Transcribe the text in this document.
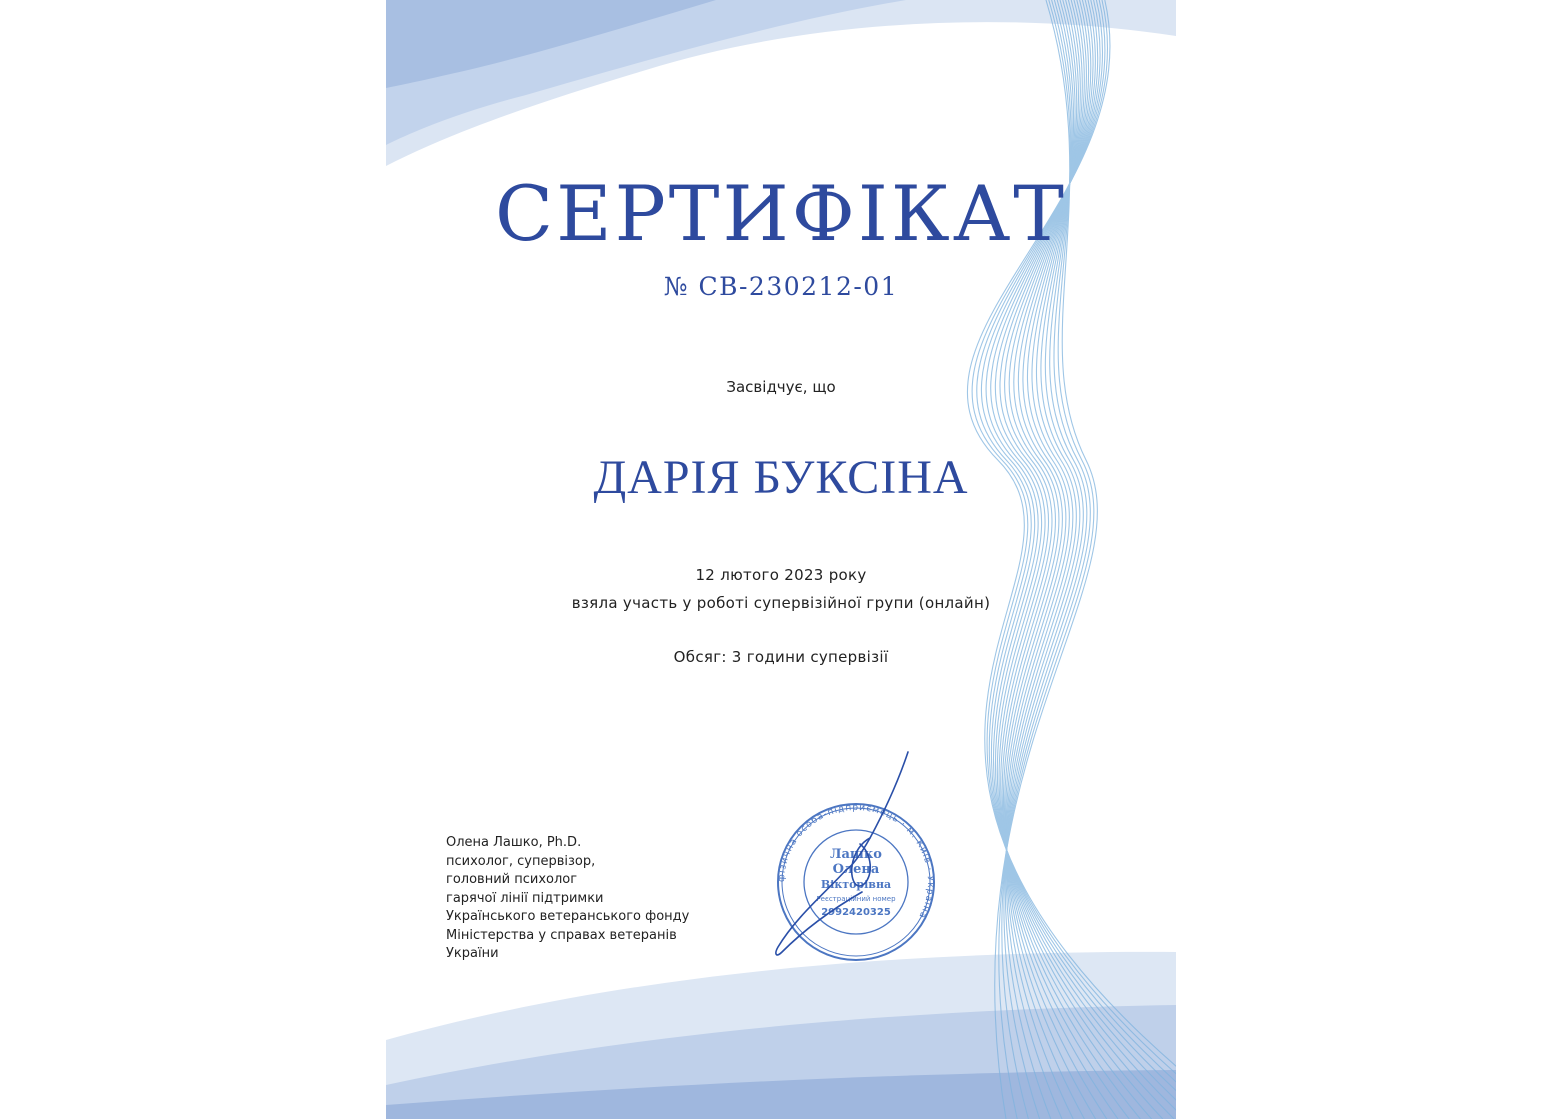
СЕРТИФІКАТ
№ СВ-230212-01
Засвідчує, що
ДАРІЯ БУКСІНА
12 лютого 2023 року
взяла участь у роботі супервізійної групи (онлайн)
Обсяг: 3 години супервізії
Олена Лашко, Ph.D.
психолог, супервізор,
головний психолог
гарячої лінії підтримки
Українського ветеранського фонду
Міністерства у справах ветеранів
України
фізична особа-підприємець · м. Київ · Україна
Лашко
Олена
Вікторівна
Реєстраційний номер
2992420325
